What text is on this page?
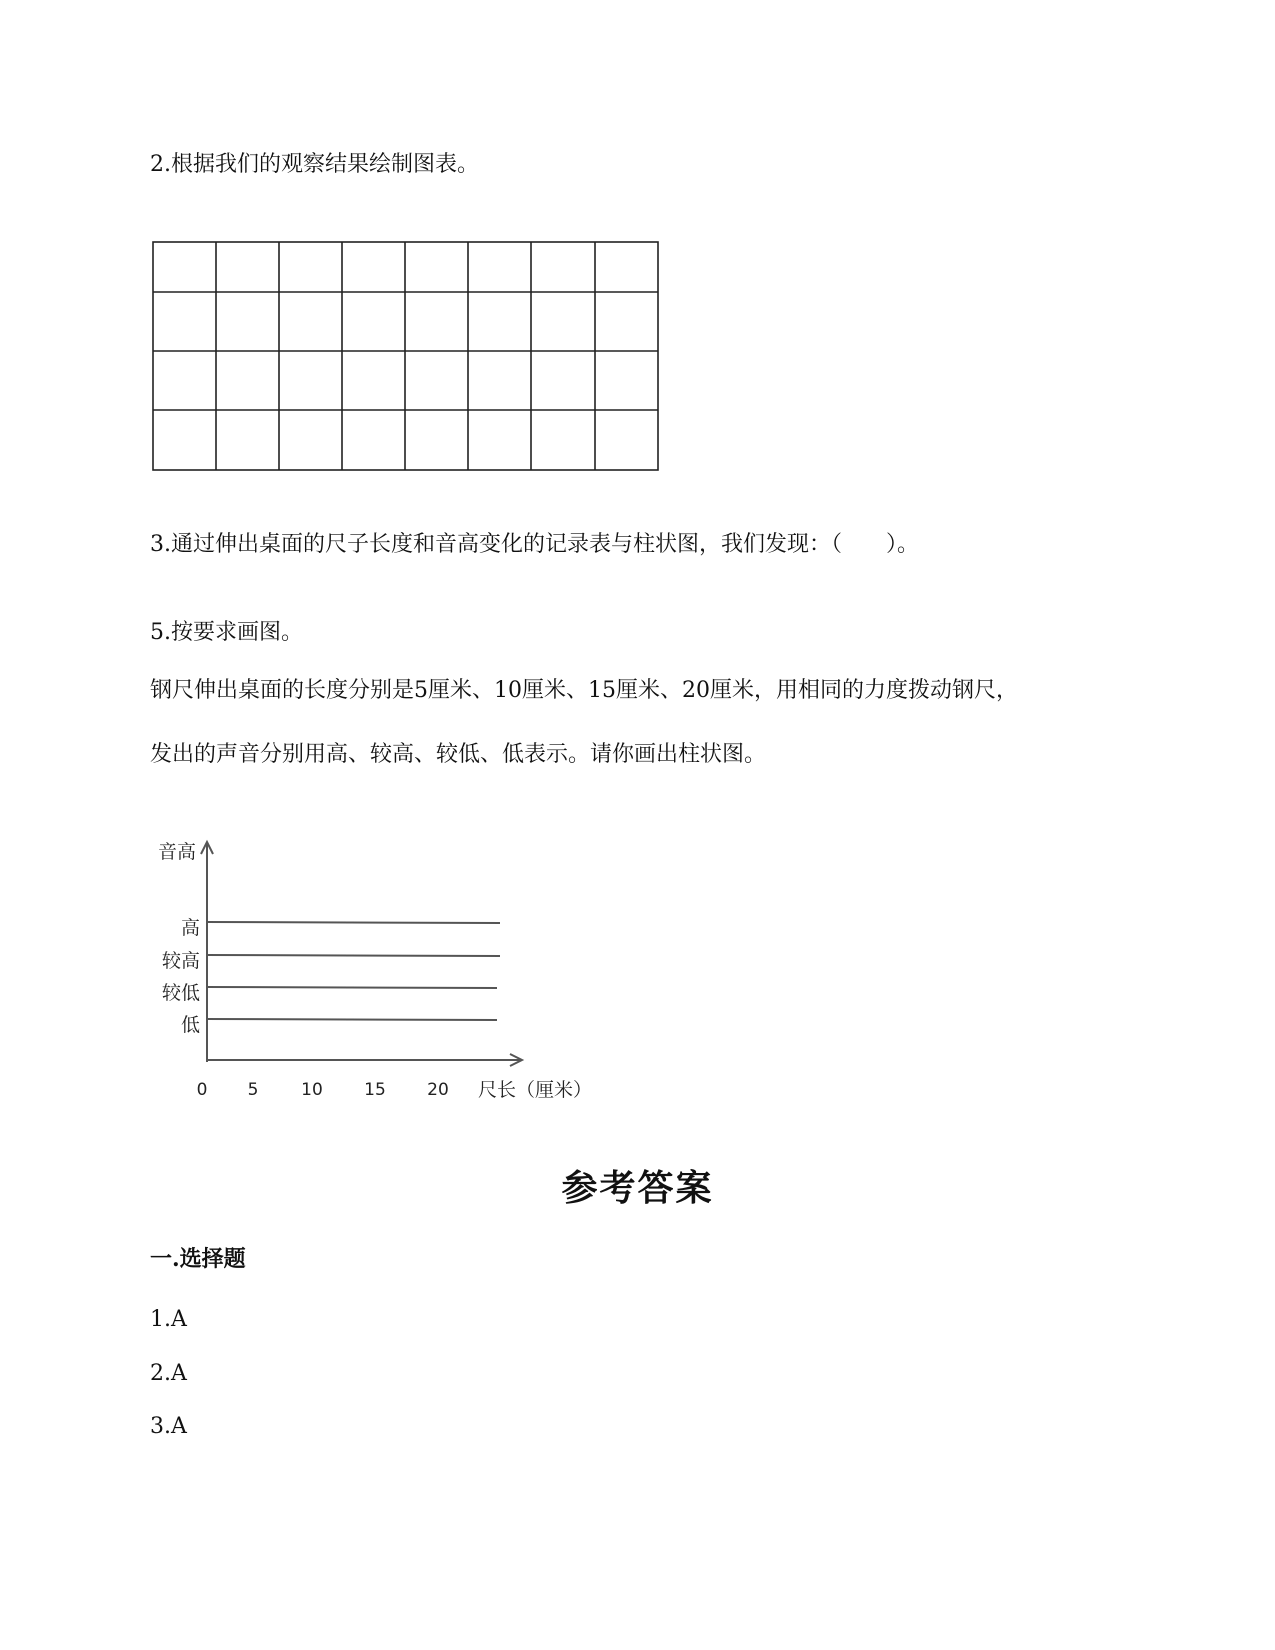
2.根据我们的观察结果绘制图表。
3.通过伸出桌面的尺子长度和音高变化的记录表与柱状图，我们发现：（　　）。
5.按要求画图。
钢尺伸出桌面的长度分别是5厘米、10厘米、15厘米、20厘米，用相同的力度拨动钢尺，
发出的声音分别用高、较高、较低、低表示。请你画出柱状图。
音高
高
较高
较低
低
0 5	10 15 20 尺长（厘米）
参考答案
一.选择题
1.A
2.A
3.A
